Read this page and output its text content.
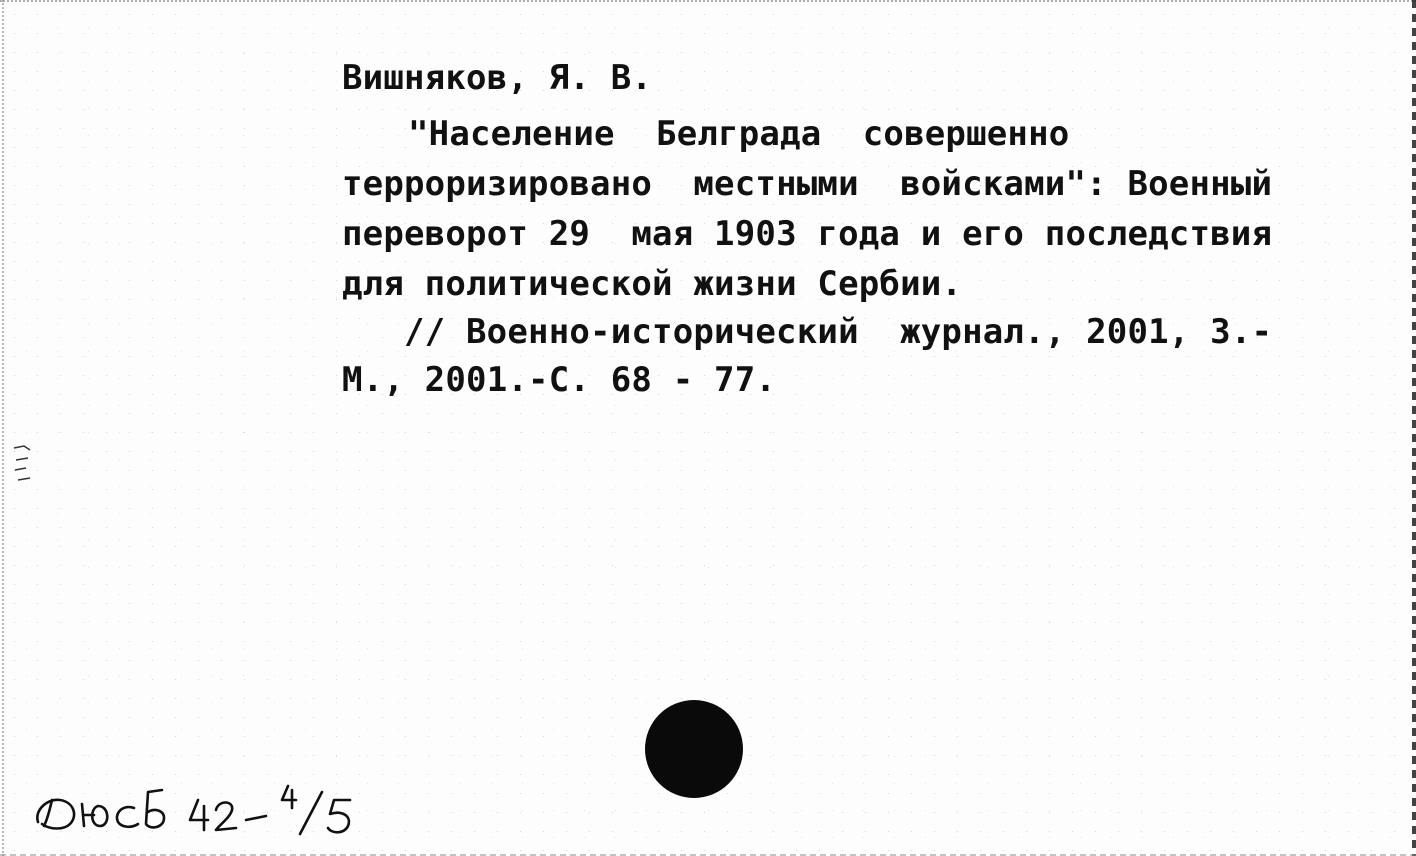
Вишняков, Я. В.

"Население  Белграда  совершенно

терроризировано  местными  войсками": Военный

переворот 29  мая 1903 года и его последствия

для политической жизни Сербии.

// Военно-исторический  журнал., 2001, 3.-

М., 2001.-С. 68 - 77.
